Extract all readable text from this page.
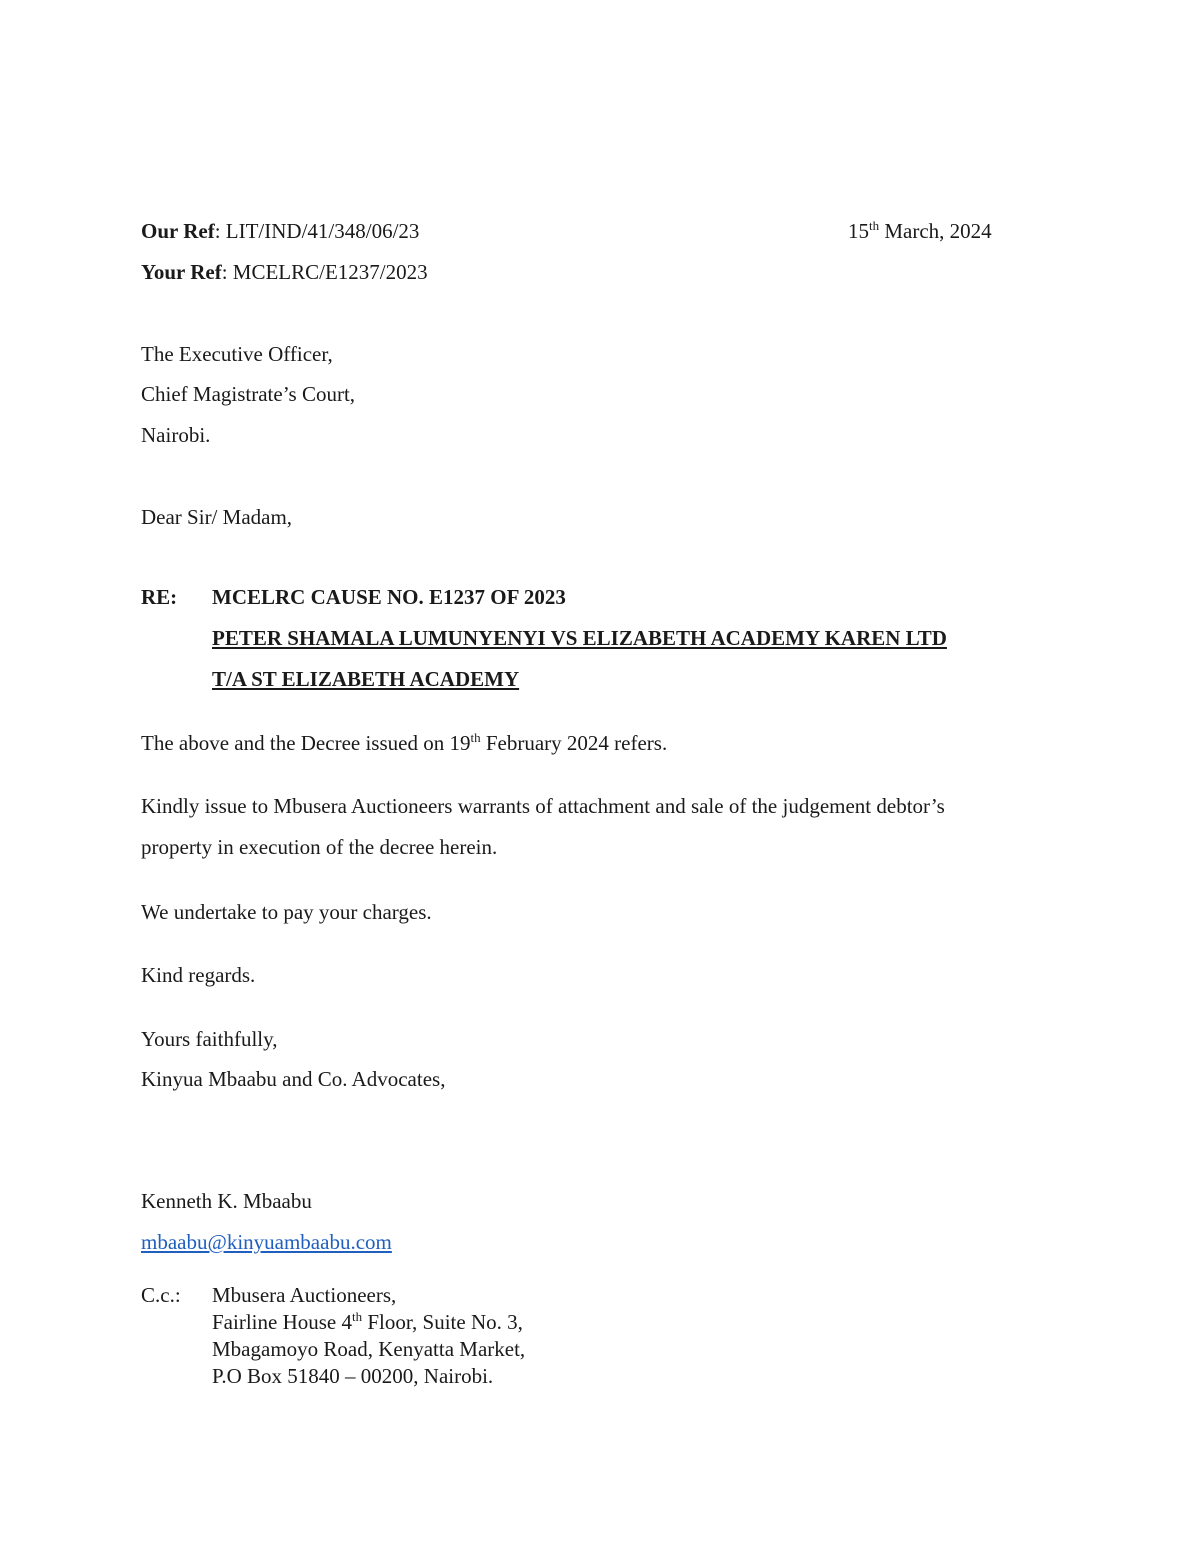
Our Ref: LIT/IND/41/348/06/23	15th March, 2024
Your Ref: MCELRC/E1237/2023
The Executive Officer,
Chief Magistrate’s Court,
Nairobi.
Dear Sir/ Madam,
RE: MCELRC CAUSE NO. E1237 OF 2023
PETER SHAMALA LUMUNYENYI VS ELIZABETH ACADEMY KAREN LTD
T/A ST ELIZABETH ACADEMY
The above and the Decree issued on 19th February 2024 refers.
Kindly issue to Mbusera Auctioneers warrants of attachment and sale of the judgement debtor’s
property in execution of the decree herein.
We undertake to pay your charges.
Kind regards.
Yours faithfully,
Kinyua Mbaabu and Co. Advocates,
Kenneth K. Mbaabu
mbaabu@kinyuambaabu.com
C.c.: Mbusera Auctioneers,
Fairline House 4th Floor, Suite No. 3,
Mbagamoyo Road, Kenyatta Market,
P.O Box 51840 – 00200, Nairobi.
